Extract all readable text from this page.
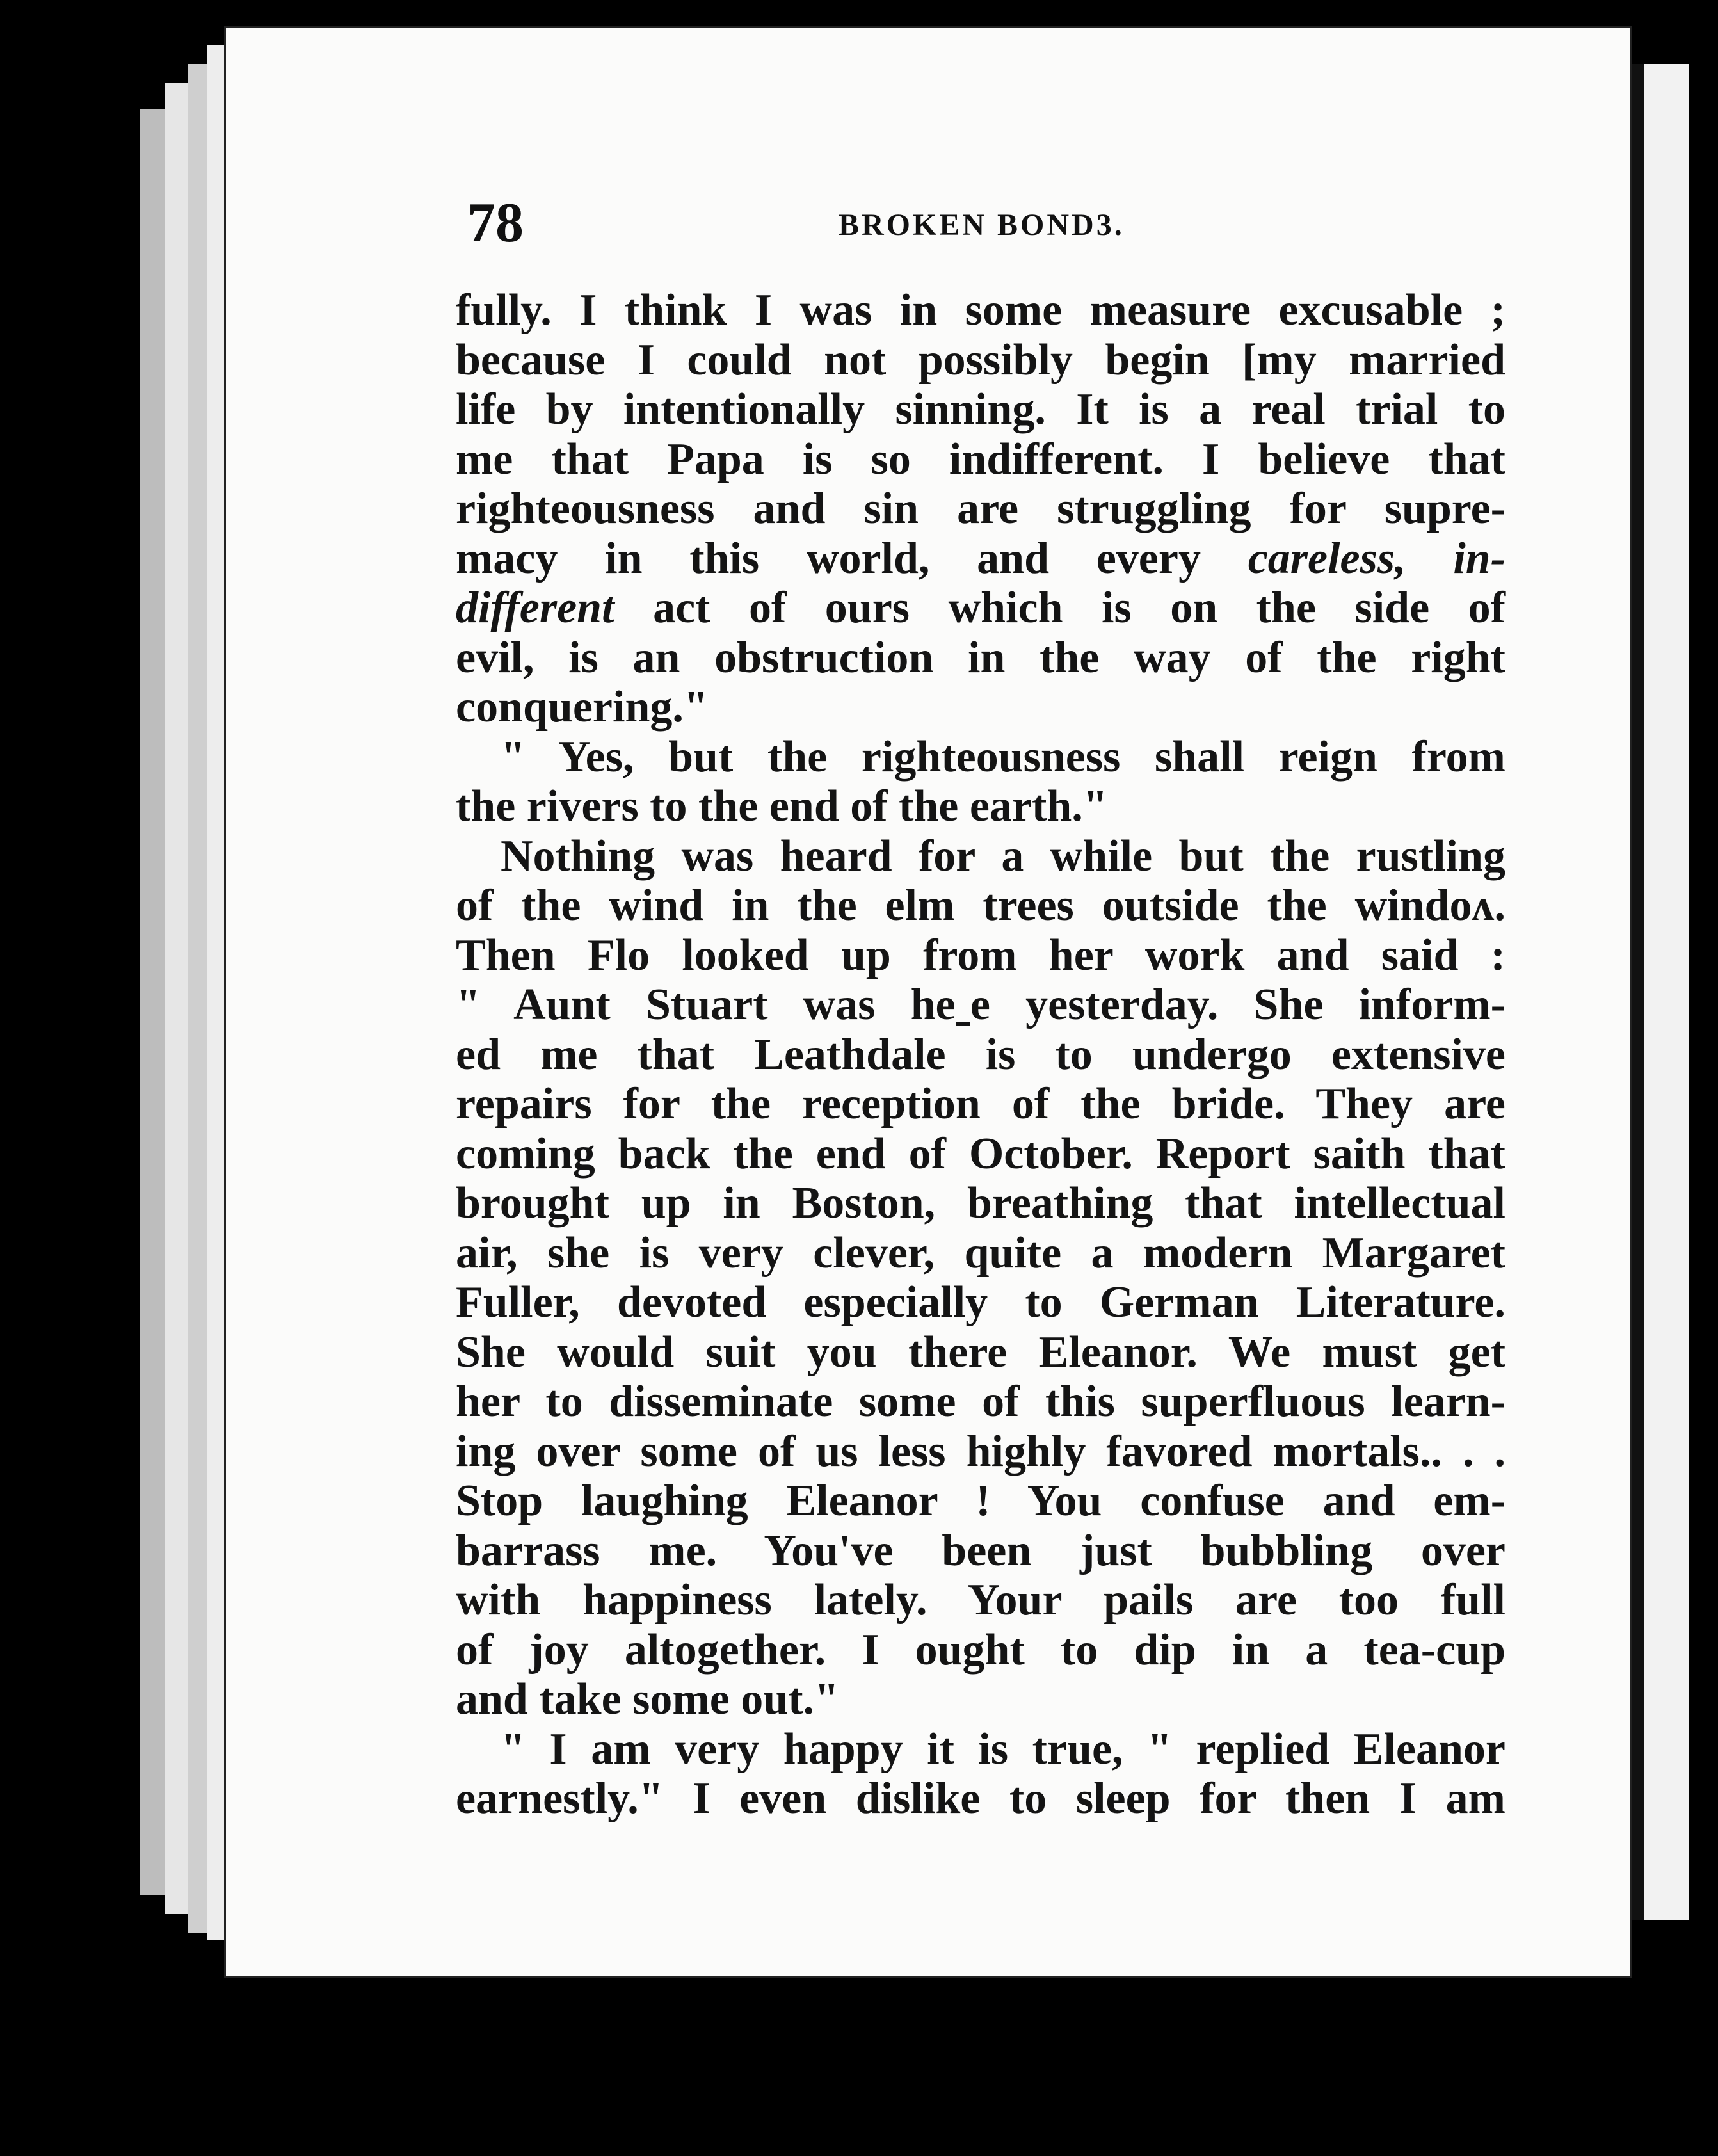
78	BROKEN BOND3.
fully. I think I was in some measure excusable ;
because I could not possibly begin [my married
life by intentionally sinning. It is a real trial to
me that Papa is so indifferent. I believe that
righteousness and sin are struggling for supre-
macy in this world, and every careless, in-
different act of ours which is on the side of
evil, is an obstruction in the way of the right
conquering."
" Yes, but the righteousness shall reign from
the rivers to the end of the earth."
Nothing was heard for a while but the rustling
of the wind in the elm trees outside the windoʌ.
Then Flo looked up from her work and said :
" Aunt Stuart was heˍe yesterday. She inform-
ed me that Leathdale is to undergo extensive
repairs for the reception of the bride. They are
coming back the end of October. Report saith that
brought up in Boston, breathing that intellectual
air, she is very clever, quite a modern Margaret
Fuller, devoted especially to German Literature.
She would suit you there Eleanor. We must get
her to disseminate some of this superfluous learn-
ing over some of us less highly favored mortals.. . .
Stop laughing Eleanor ! You confuse and em-
barrass me. You've been just bubbling over
with happiness lately. Your pails are too full
of joy altogether. I ought to dip in a tea-cup
and take some out."
" I am very happy it is true, " replied Eleanor
earnestly." I even dislike to sleep for then I am
